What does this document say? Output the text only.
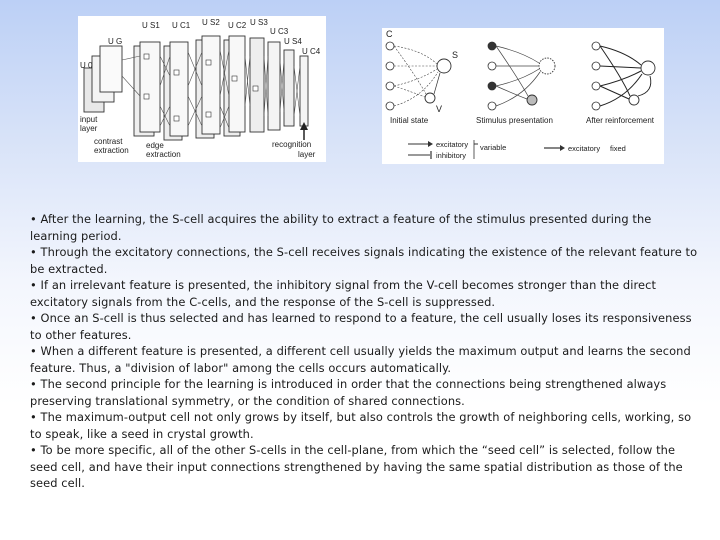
U S1 U C1 U S2 U C2 U S3
U C3
U S4
U C4
U G
U 0
input
layer
contrast
extraction
edge
extraction
recognition
layer
C
S
V
Initial state	Stimulus presentation	After reinforcement
excitatory
inhibitory
variable	excitatory fixed

• After the learning, the S-cell acquires the ability to extract a feature of the stimulus presented during the learning period.

• Through the excitatory connections, the S-cell receives signals indicating the existence of the relevant feature to be extracted.

• If an irrelevant feature is presented, the inhibitory signal from the V-cell becomes stronger than the direct excitatory signals from the C-cells, and the response of the S-cell is suppressed.

• Once an S-cell is thus selected and has learned to respond to a feature, the cell usually loses its responsiveness to other features.

• When a different feature is presented, a different cell usually yields the maximum output and learns the second feature. Thus, a "division of labor" among the cells occurs automatically.

• The second principle for the learning is introduced in order that the connections being strengthened always preserving translational symmetry, or the condition of shared connections.

• The maximum-output cell not only grows by itself, but also controls the growth of neighboring cells, working, so to speak, like a seed in crystal growth.

• To be more specific, all of the other S-cells in the cell-plane, from which the “seed cell” is selected, follow the seed cell, and have their input connections strengthened by having the same spatial distribution as those of the seed cell.
